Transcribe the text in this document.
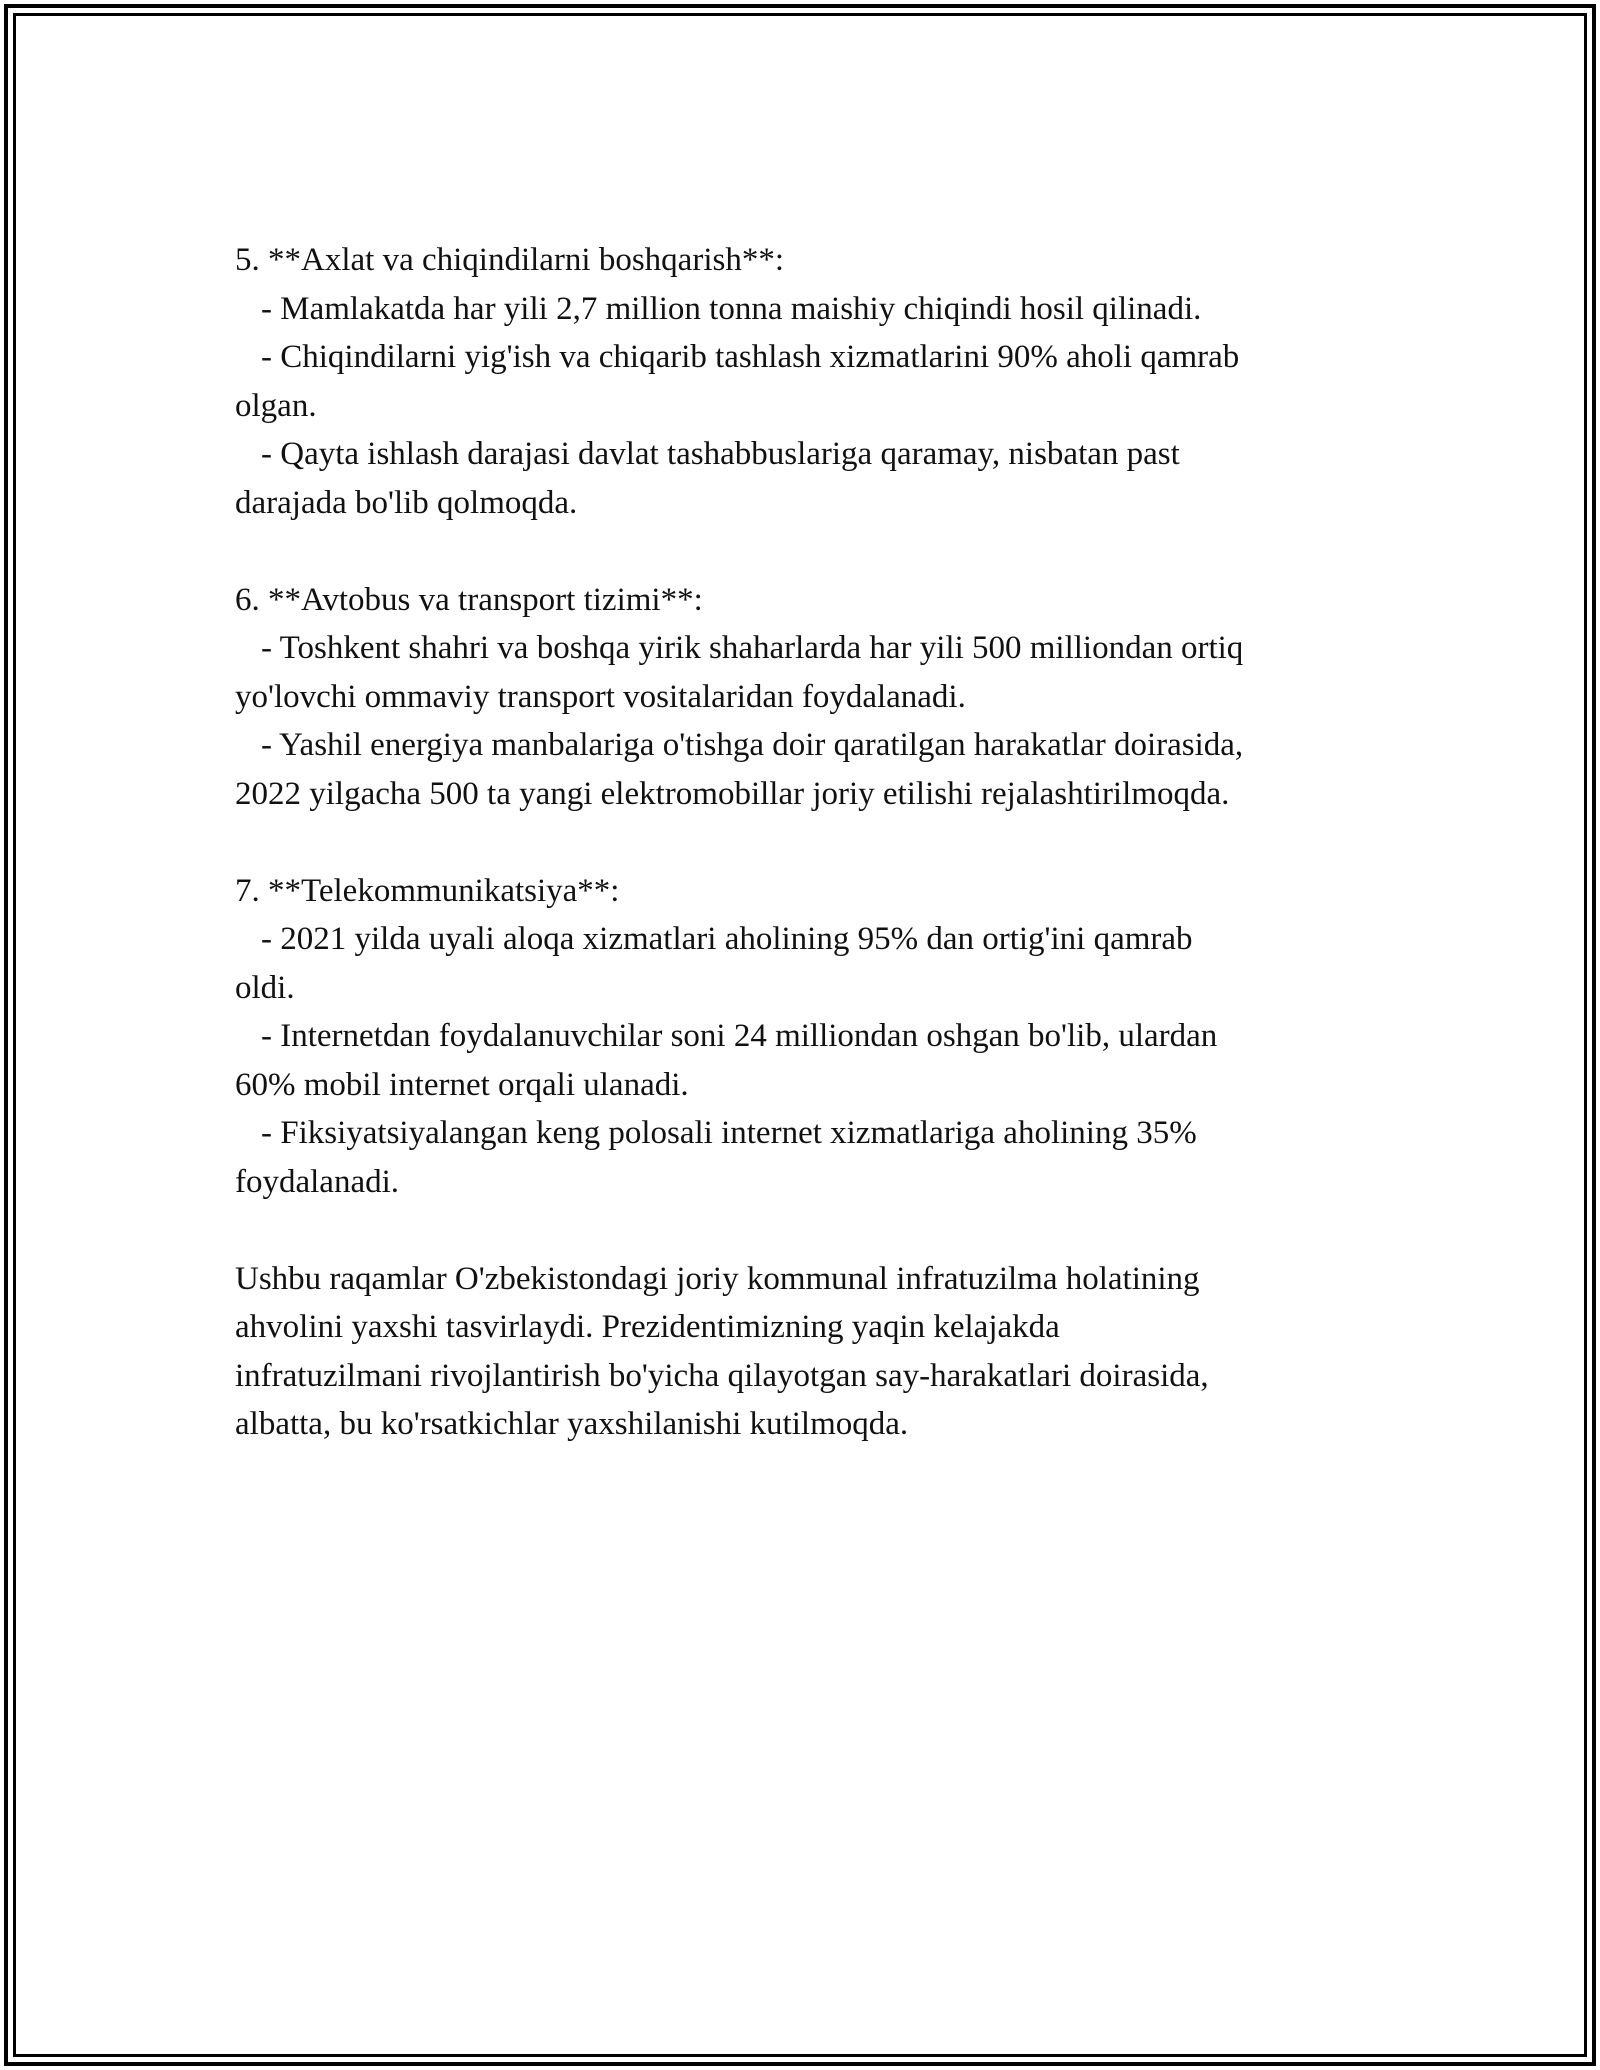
5. **Axlat va chiqindilarni boshqarish**:
- Mamlakatda har yili 2,7 million tonna maishiy chiqindi hosil qilinadi.
- Chiqindilarni yig'ish va chiqarib tashlash xizmatlarini 90% aholi qamrab
olgan.
- Qayta ishlash darajasi davlat tashabbuslariga qaramay, nisbatan past
darajada bo'lib qolmoqda.
6. **Avtobus va transport tizimi**:
- Toshkent shahri va boshqa yirik shaharlarda har yili 500 milliondan ortiq
yo'lovchi ommaviy transport vositalaridan foydalanadi.
- Yashil energiya manbalariga o'tishga doir qaratilgan harakatlar doirasida,
2022 yilgacha 500 ta yangi elektromobillar joriy etilishi rejalashtirilmoqda.
7. **Telekommunikatsiya**:
- 2021 yilda uyali aloqa xizmatlari aholining 95% dan ortig'ini qamrab
oldi.
- Internetdan foydalanuvchilar soni 24 milliondan oshgan bo'lib, ulardan
60% mobil internet orqali ulanadi.
- Fiksiyatsiyalangan keng polosali internet xizmatlariga aholining 35%
foydalanadi.
Ushbu raqamlar O'zbekistondagi joriy kommunal infratuzilma holatining
ahvolini yaxshi tasvirlaydi. Prezidentimizning yaqin kelajakda
infratuzilmani rivojlantirish bo'yicha qilayotgan say-harakatlari doirasida,
albatta, bu ko'rsatkichlar yaxshilanishi kutilmoqda.
